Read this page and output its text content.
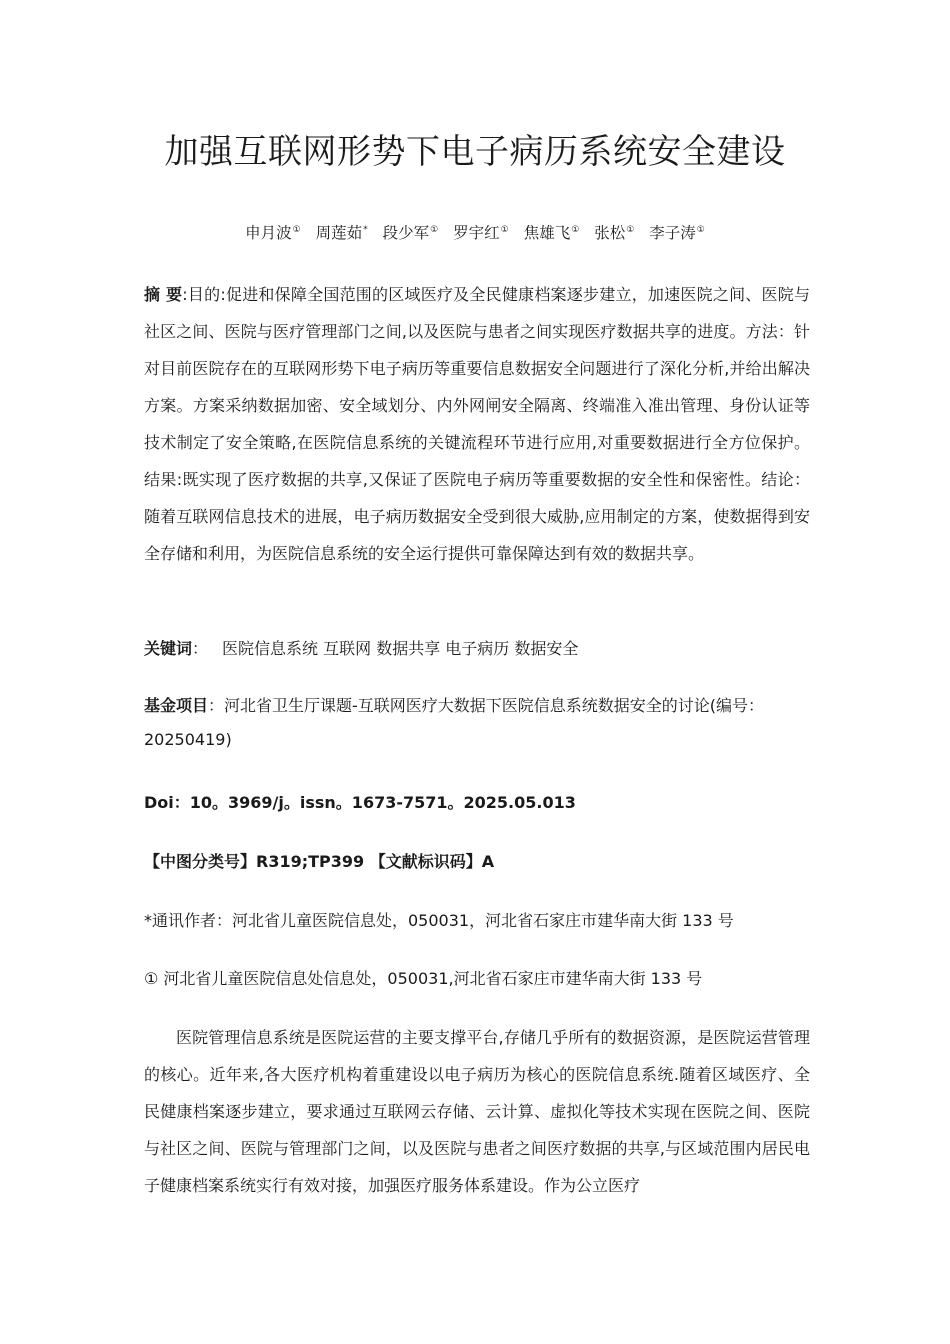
加强互联网形势下电子病历系统安全建设
申月波① 周莲茹* 段少军① 罗宇红① 焦雄飞① 张松① 李子涛①
摘 要:目的:促进和保障全国范围的区域医疗及全民健康档案逐步建立，加速医院之间、医院与社区之间、医院与医疗管理部门之间,以及医院与患者之间实现医疗数据共享的进度。方法：针对目前医院存在的互联网形势下电子病历等重要信息数据安全问题进行了深化分析,并给出解决方案。方案采纳数据加密、安全域划分、内外网闸安全隔离、终端准入准出管理、身份认证等技术制定了安全策略,在医院信息系统的关键流程环节进行应用,对重要数据进行全方位保护。结果:既实现了医疗数据的共享,又保证了医院电子病历等重要数据的安全性和保密性。结论：随着互联网信息技术的进展，电子病历数据安全受到很大威胁,应用制定的方案，使数据得到安全存储和利用，为医院信息系统的安全运行提供可靠保障达到有效的数据共享。
关键词： 医院信息系统 互联网 数据共享 电子病历 数据安全
基金项目：河北省卫生厅课题-互联网医疗大数据下医院信息系统数据安全的讨论(编号：20250419)
Doi：10。3969/j。issn。1673-7571。2025.05.013
【中图分类号】R319;TP399 【文献标识码】A
*通讯作者：河北省儿童医院信息处，050031，河北省石家庄市建华南大街 133 号
① 河北省儿童医院信息处信息处，050031,河北省石家庄市建华南大街 133 号
医院管理信息系统是医院运营的主要支撑平台,存储几乎所有的数据资源，是医院运营管理的核心。近年来,各大医疗机构着重建设以电子病历为核心的医院信息系统.随着区域医疗、全民健康档案逐步建立，要求通过互联网云存储、云计算、虚拟化等技术实现在医院之间、医院与社区之间、医院与管理部门之间，以及医院与患者之间医疗数据的共享,与区域范围内居民电子健康档案系统实行有效对接，加强医疗服务体系建设。作为公立医疗
